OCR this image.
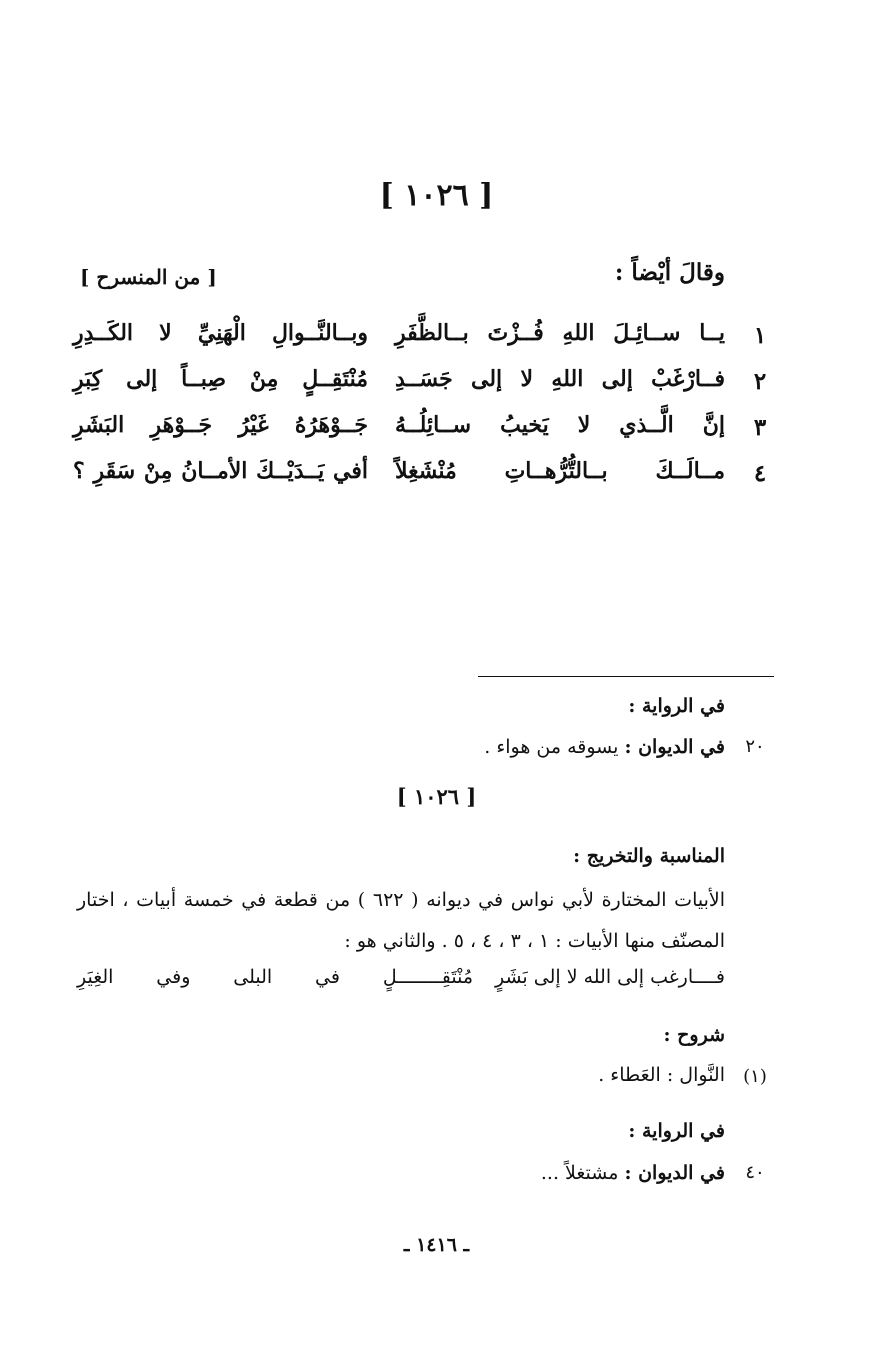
[ ١٠٢٦ ]
وقالَ أيْضاً :
[ من المنسرح ]
١
يــا ســائِـلَ اللهِ فُــزْتَ بــالظَّفَرِ
وبــالنَّــوالِ الْهَنِيِّ لا الكَــدِرِ
٢
فــارْغَبْ إلى اللهِ لا إلى جَسَــدِ
مُنْتَقِــلٍ مِنْ صِبــاً إلى كِبَرِ
٣
إنَّ الَّــذي لا يَخيبُ ســائِلُــهُ
جَــوْهَرُهُ غَيْرُ جَــوْهَرِ البَشَرِ
٤
مــالَــكَ بــالتُّرُّهــاتِ مُنْشَغِلاً
أفي يَــدَيْــكَ الأمــانُ مِنْ سَقَرِ ؟
في الرواية :
٢٠
في الديوان : يسوقه من هواء .
[ ١٠٢٦ ]
المناسبة والتخريج :
الأبيات المختارة لأبي نواس في ديوانه ( ٦٢٢ ) من قطعة في خمسة أبيات ، اختار
المصنّف منها الأبيات : ١ ، ٣ ، ٤ ، ٥ . والثاني هو :
فــــارغب إلى الله لا إلى بَشَرٍ
مُنْتَقِــــــــلٍ في البلى وفي الغِيَرِ
شروح :
(١)
النَّوال : العَطاء .
في الرواية :
٤٠
في الديوان : مشتغلاً ...
ـ ١٤١٦ ـ
